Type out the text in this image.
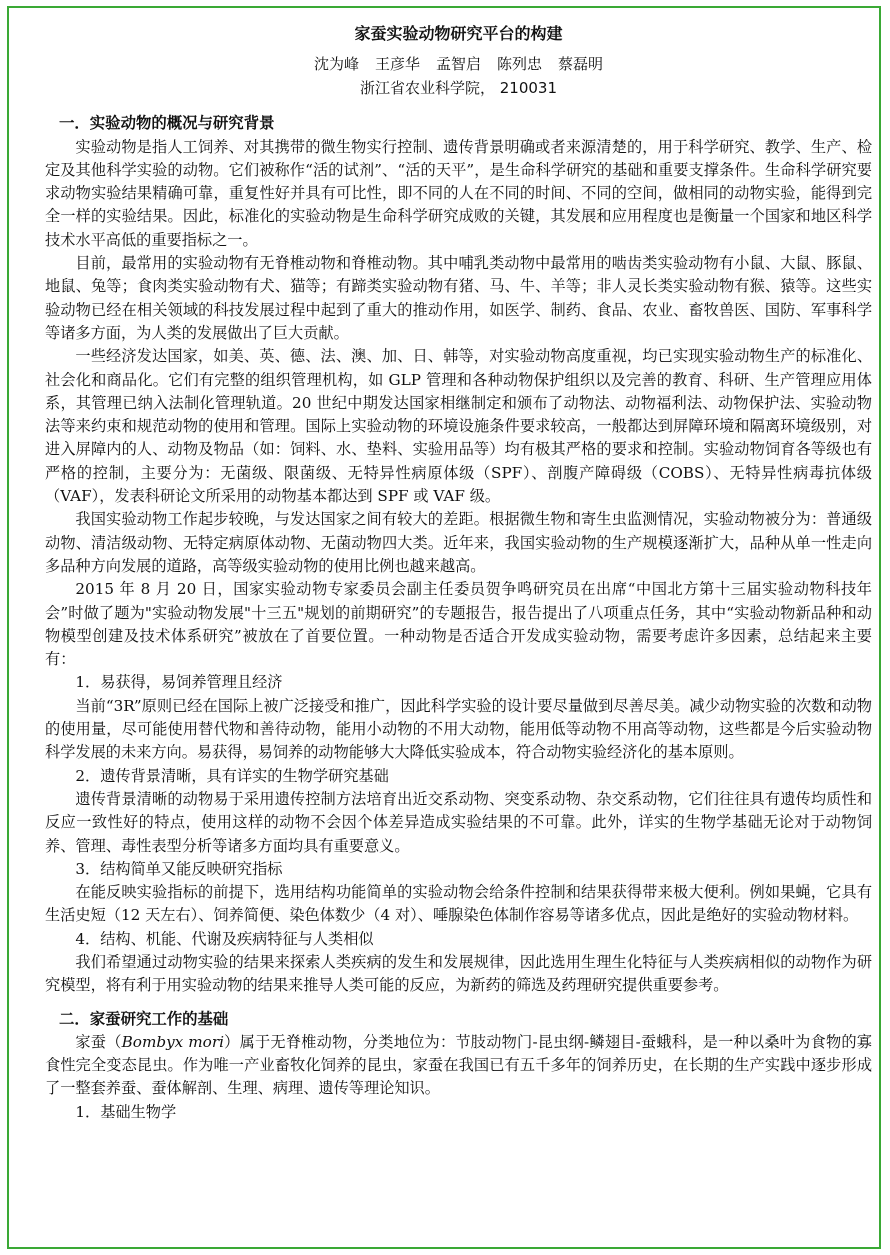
家蚕实验动物研究平台的构建
沈为峰 王彦华 孟智启 陈列忠 蔡磊明
浙江省农业科学院， 210031
一．实验动物的概况与研究背景

实验动物是指人工饲养、对其携带的微生物实行控制、遗传背景明确或者来源清楚的，用于科学研究、教学、生产、检定及其他科学实验的动物。它们被称作“活的试剂”、“活的天平”，是生命科学研究的基础和重要支撑条件。生命科学研究要求动物实验结果精确可靠，重复性好并具有可比性，即不同的人在不同的时间、不同的空间，做相同的动物实验，能得到完全一样的实验结果。因此，标准化的实验动物是生命科学研究成败的关键，其发展和应用程度也是衡量一个国家和地区科学技术水平高低的重要指标之一。

目前，最常用的实验动物有无脊椎动物和脊椎动物。其中哺乳类动物中最常用的啮齿类实验动物有小鼠、大鼠、豚鼠、地鼠、兔等；食肉类实验动物有犬、猫等；有蹄类实验动物有猪、马、牛、羊等；非人灵长类实验动物有猴、猿等。这些实验动物已经在相关领域的科技发展过程中起到了重大的推动作用，如医学、制药、食品、农业、畜牧兽医、国防、军事科学等诸多方面，为人类的发展做出了巨大贡献。

一些经济发达国家，如美、英、德、法、澳、加、日、韩等，对实验动物高度重视，均已实现实验动物生产的标准化、社会化和商品化。它们有完整的组织管理机构，如 GLP 管理和各种动物保护组织以及完善的教育、科研、生产管理应用体系，其管理已纳入法制化管理轨道。20 世纪中期发达国家相继制定和颁布了动物法、动物福利法、动物保护法、实验动物法等来约束和规范动物的使用和管理。国际上实验动物的环境设施条件要求较高，一般都达到屏障环境和隔离环境级别，对进入屏障内的人、动物及物品（如：饲料、水、垫料、实验用品等）均有极其严格的要求和控制。实验动物饲育各等级也有严格的控制，主要分为：无菌级、限菌级、无特异性病原体级（SPF）、剖腹产障碍级（COBS）、无特异性病毒抗体级（VAF），发表科研论文所采用的动物基本都达到 SPF 或 VAF 级。

我国实验动物工作起步较晚，与发达国家之间有较大的差距。根据微生物和寄生虫监测情况，实验动物被分为：普通级动物、清洁级动物、无特定病原体动物、无菌动物四大类。近年来，我国实验动物的生产规模逐渐扩大，品种从单一性走向多品种方向发展的道路，高等级实验动物的使用比例也越来越高。

2015 年 8 月 20 日，国家实验动物专家委员会副主任委员贺争鸣研究员在出席“中国北方第十三届实验动物科技年会”时做了题为"实验动物发展"十三五"规划的前期研究”的专题报告，报告提出了八项重点任务，其中“实验动物新品种和动物模型创建及技术体系研究”被放在了首要位置。一种动物是否适合开发成实验动物，需要考虑许多因素，总结起来主要有：

1．易获得，易饲养管理且经济

当前“3R”原则已经在国际上被广泛接受和推广，因此科学实验的设计要尽量做到尽善尽美。减少动物实验的次数和动物的使用量，尽可能使用替代物和善待动物，能用小动物的不用大动物，能用低等动物不用高等动物，这些都是今后实验动物科学发展的未来方向。易获得，易饲养的动物能够大大降低实验成本，符合动物实验经济化的基本原则。

2．遗传背景清晰，具有详实的生物学研究基础

遗传背景清晰的动物易于采用遗传控制方法培育出近交系动物、突变系动物、杂交系动物，它们往往具有遗传均质性和反应一致性好的特点，使用这样的动物不会因个体差异造成实验结果的不可靠。此外，详实的生物学基础无论对于动物饲养、管理、毒性表型分析等诸多方面均具有重要意义。

3．结构简单又能反映研究指标

在能反映实验指标的前提下，选用结构功能简单的实验动物会给条件控制和结果获得带来极大便利。例如果蝇，它具有生活史短（12 天左右）、饲养简便、染色体数少（4 对）、唾腺染色体制作容易等诸多优点，因此是绝好的实验动物材料。

4．结构、机能、代谢及疾病特征与人类相似

我们希望通过动物实验的结果来探索人类疾病的发生和发展规律，因此选用生理生化特征与人类疾病相似的动物作为研究模型，将有利于用实验动物的结果来推导人类可能的反应，为新药的筛选及药理研究提供重要参考。

二．家蚕研究工作的基础

家蚕（Bombyx mori）属于无脊椎动物，分类地位为：节肢动物门-昆虫纲-鳞翅目-蚕蛾科，是一种以桑叶为食物的寡食性完全变态昆虫。作为唯一产业畜牧化饲养的昆虫，家蚕在我国已有五千多年的饲养历史，在长期的生产实践中逐步形成了一整套养蚕、蚕体解剖、生理、病理、遗传等理论知识。

1．基础生物学
